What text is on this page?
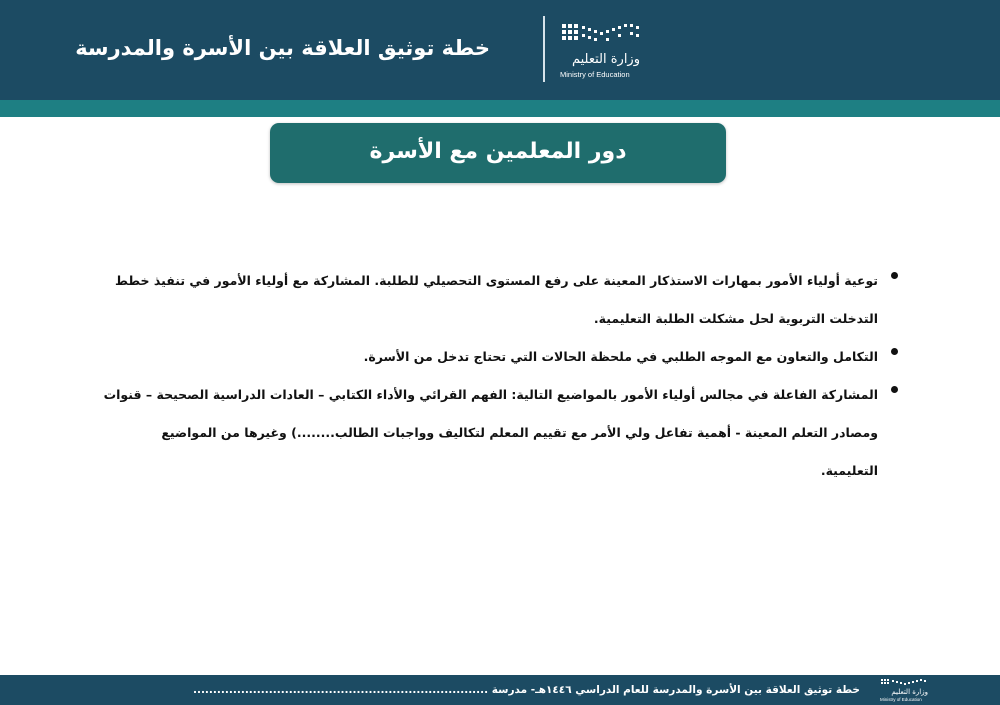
خطة توثيق العلاقة بين الأسرة والمدرسة	وزارة التعليم
Ministry of Education
دور المعلمين مع الأسرة
توعية أولياء الأمور بمهارات الاستذكار المعينة على رفع المستوى التحصيلي للطلبة. المشاركة مع أولياء الأمور في تنفيذ خطط التدخلت التربوية لحل مشكلت الطلبة التعليمية.
التكامل والتعاون مع الموجه الطلبي في ملحظة الحالات التي تحتاج تدخل من الأسرة.
المشاركة الفاعلة في مجالس أولياء الأمور بالمواضيع التالية: الفهم القرائي والأداء الكتابي – العادات الدراسية الصحيحة – قنوات ومصادر التعلم المعينة - أهمية تفاعل ولي الأمر مع تقييم المعلم لتكاليف وواجبات الطالب........) وغيرها من المواضيع التعليمية.
خطة توثيق العلاقة بين الأسرة والمدرسة للعام الدراسي ١٤٤٦هـ- مدرسة ..........................................................................	وزارة التعليم
Ministry of Education
